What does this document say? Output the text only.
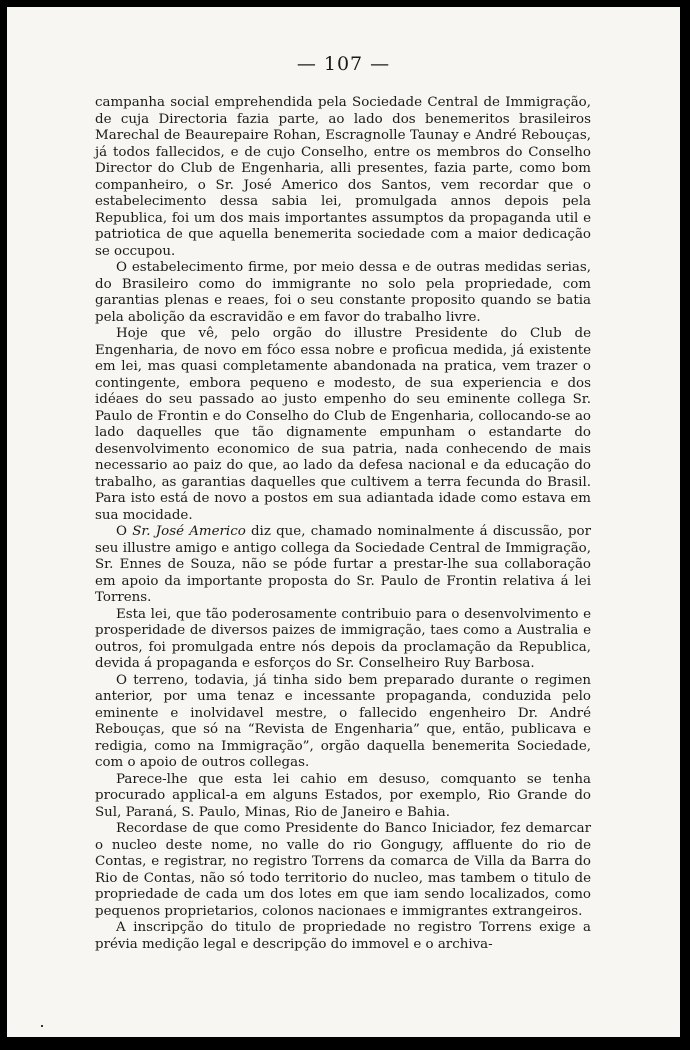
— 107 —

campanha social emprehendida pela Sociedade Central de Immigração, de cuja Directoria fazia parte, ao lado dos benemeritos brasileiros Marechal de Beaurepaire Rohan, Escragnolle Taunay e André Rebouças, já todos fallecidos, e de cujo Conselho, entre os membros do Conselho Director do Club de Engenharia, alli presentes, fazia parte, como bom companheiro, o Sr. José Americo dos Santos, vem recordar que o estabelecimento dessa sabia lei, promulgada annos depois pela Republica, foi um dos mais importantes assumptos da propaganda util e patriotica de que aquella benemerita sociedade com a maior dedicação se occupou.

O estabelecimento firme, por meio dessa e de outras medidas serias, do Brasileiro como do immigrante no solo pela propriedade, com garantias plenas e reaes, foi o seu constante proposito quando se batia pela abolição da escravidão e em favor do trabalho livre.

Hoje que vê, pelo orgão do illustre Presidente do Club de Engenharia, de novo em fóco essa nobre e proficua medida, já existente em lei, mas quasi completamente abandonada na pratica, vem trazer o contingente, embora pequeno e modesto, de sua experiencia e dos idéaes do seu passado ao justo empenho do seu eminente collega Sr. Paulo de Frontin e do Conselho do Club de Engenharia, collocando-se ao lado daquelles que tão dignamente empunham o estandarte do desenvolvimento economico de sua patria, nada conhecendo de mais necessario ao paiz do que, ao lado da defesa nacional e da educação do trabalho, as garantias daquelles que cultivem a terra fecunda do Brasil. Para isto está de novo a postos em sua adiantada idade como estava em sua mocidade.

O Sr. José Americo diz que, chamado nominalmente á discussão, por seu illustre amigo e antigo collega da Sociedade Central de Immigração, Sr. Ennes de Souza, não se póde furtar a prestar-lhe sua collaboração em apoio da importante proposta do Sr. Paulo de Frontin relativa á lei Torrens.

Esta lei, que tão poderosamente contribuio para o desenvolvimento e prosperidade de diversos paizes de immigração, taes como a Australia e outros, foi promulgada entre nós depois da proclamação da Republica, devida á propaganda e esforços do Sr. Conselheiro Ruy Barbosa.

O terreno, todavia, já tinha sido bem preparado durante o regimen anterior, por uma tenaz e incessante propaganda, conduzida pelo eminente e inolvidavel mestre, o fallecido engenheiro Dr. André Rebouças, que só na “Revista de Engenharia” que, então, publicava e redigia, como na Immigração”, orgão daquella benemerita Sociedade, com o apoio de outros collegas.

Parece-lhe que esta lei cahio em desuso, comquanto se tenha procurado applical-a em alguns Estados, por exemplo, Rio Grande do Sul, Paraná, S. Paulo, Minas, Rio de Janeiro e Bahia.

Recordase de que como Presidente do Banco Iniciador, fez demarcar o nucleo deste nome, no valle do rio Gongugy, affluente do rio de Contas, e registrar, no registro Torrens da comarca de Villa da Barra do Rio de Contas, não só todo territorio do nucleo, mas tambem o titulo de propriedade de cada um dos lotes em que iam sendo localizados, como pequenos proprietarios, colonos nacionaes e immigrantes extrangeiros.

A inscripção do titulo de propriedade no registro Torrens exige a prévia medição legal e descripção do immovel e o archiva-
